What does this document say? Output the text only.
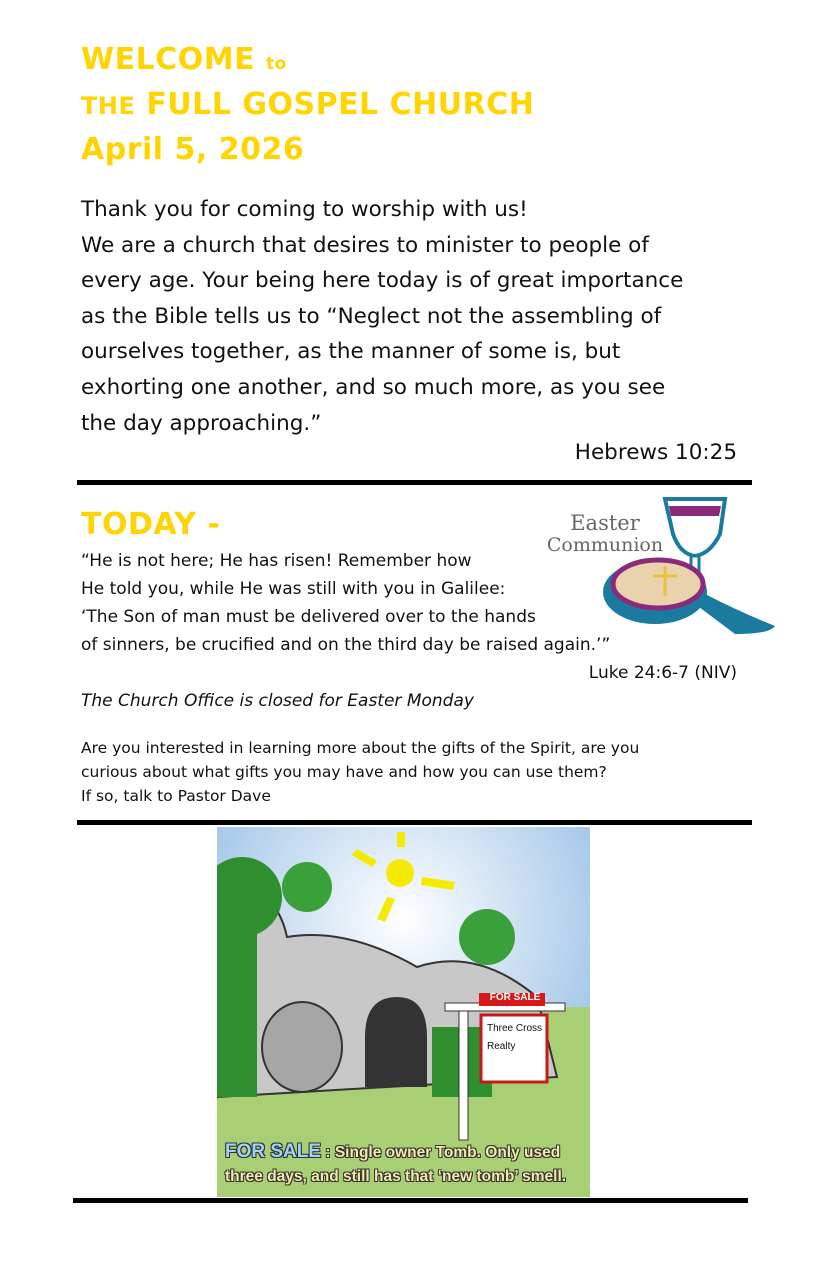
WELCOME to
THE FULL GOSPEL CHURCH
April 5, 2026
Thank you for coming to worship with us!
We are a church that desires to minister to people of
every age. Your being here today is of great importance
as the Bible tells us to “Neglect not the assembling of
ourselves together, as the manner of some is, but
exhorting one another, and so much more, as you see
the day approaching.”
Hebrews 10:25
TODAY -	Easter
Communion
“He is not here; He has risen! Remember how
He told you, while He was still with you in Galilee:
‘The Son of man must be delivered over to the hands
of sinners, be crucified and on the third day be raised again.’”
Luke 24:6-7 (NIV)
The Church Office is closed for Easter Monday
Are you interested in learning more about the gifts of the Spirit, are you
curious about what gifts you may have and how you can use them?
If so, talk to Pastor Dave
FOR SALE
Three Cross
Realty
FOR SALE : Single owner Tomb. Only used
three days, and still has that ‘new tomb’ smell.
